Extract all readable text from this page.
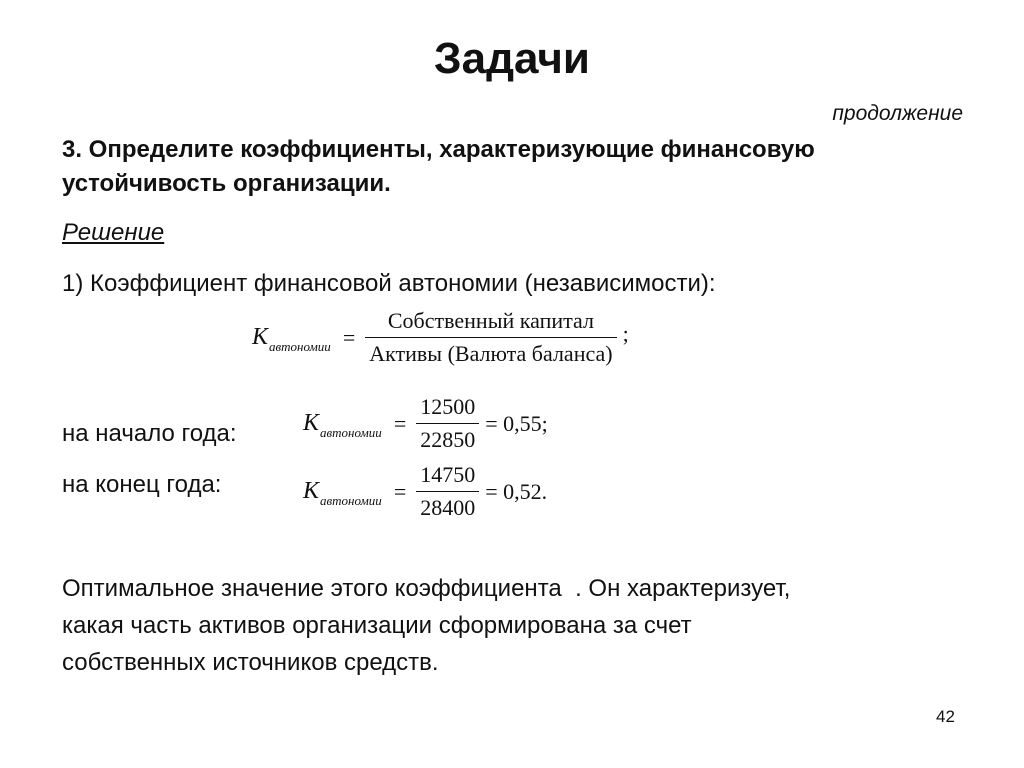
Задачи
продолжение
3. Определите коэффициенты, характеризующие финансовую
устойчивость организации.
Решение
1) Коэффициент финансовой автономии (независимости):
K автономии = $\frac{\text{Собственный капитал}}{\text{Активы (Валюта баланса)}}$ ;
на начало года:	K автономии = $\frac{12500}{22850} = 0,55$;
на конец года:	K автономии = $\frac{14750}{28400} = 0,52$.
Оптимальное значение этого коэффициента  . Он характеризует,
какая часть активов организации сформирована за счет
собственных источников средств.
42
